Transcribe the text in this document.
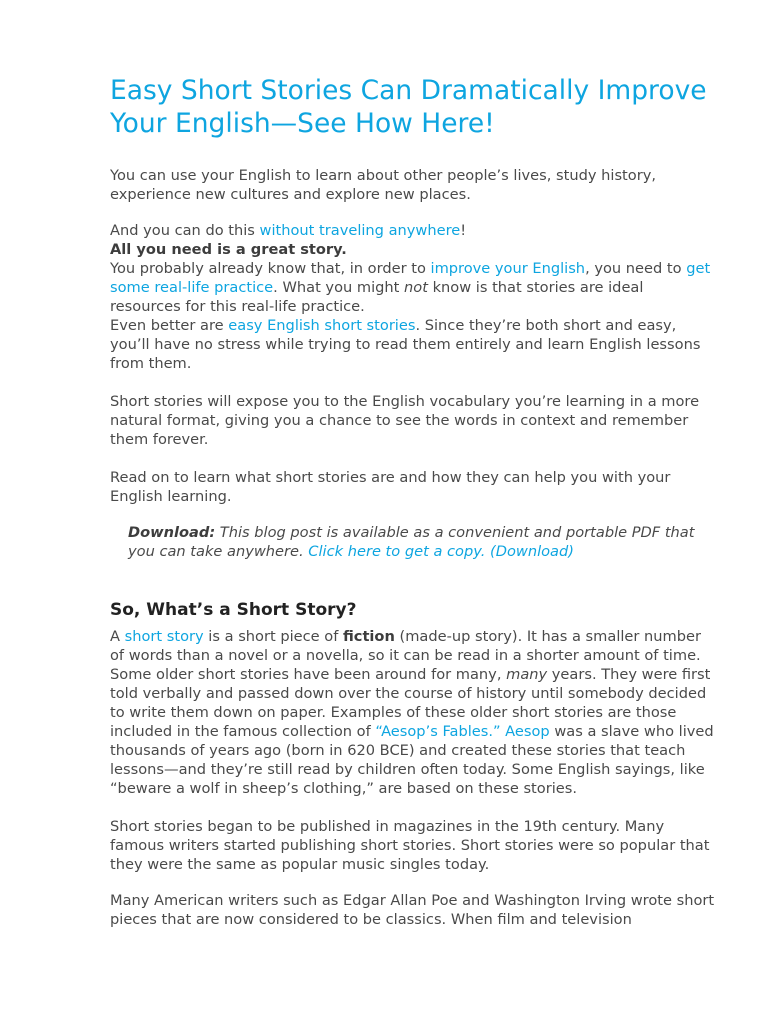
Easy Short Stories Can Dramatically Improve Your English—See How Here!

You can use your English to learn about other people’s lives, study history, experience new cultures and explore new places.

And you can do this without traveling anywhere!
All you need is a great story.
You probably already know that, in order to improve your English, you need to get some real-life practice. What you might not know is that stories are ideal resources for this real-life practice.
Even better are easy English short stories. Since they’re both short and easy, you’ll have no stress while trying to read them entirely and learn English lessons from them.

Short stories will expose you to the English vocabulary you’re learning in a more natural format, giving you a chance to see the words in context and remember them forever.

Read on to learn what short stories are and how they can help you with your English learning.

Download: This blog post is available as a convenient and portable PDF that you can take anywhere. Click here to get a copy. (Download)
So, What’s a Short Story?

A short story is a short piece of fiction (made-up story). It has a smaller number of words than a novel or a novella, so it can be read in a shorter amount of time. Some older short stories have been around for many, many years. They were first told verbally and passed down over the course of history until somebody decided to write them down on paper. Examples of these older short stories are those included in the famous collection of “Aesop’s Fables.” Aesop was a slave who lived thousands of years ago (born in 620 BCE) and created these stories that teach lessons—and they’re still read by children often today. Some English sayings, like “beware a wolf in sheep’s clothing,” are based on these stories.

Short stories began to be published in magazines in the 19th century. Many famous writers started publishing short stories. Short stories were so popular that they were the same as popular music singles today.

Many American writers such as Edgar Allan Poe and Washington Irving wrote short pieces that are now considered to be classics. When film and television
